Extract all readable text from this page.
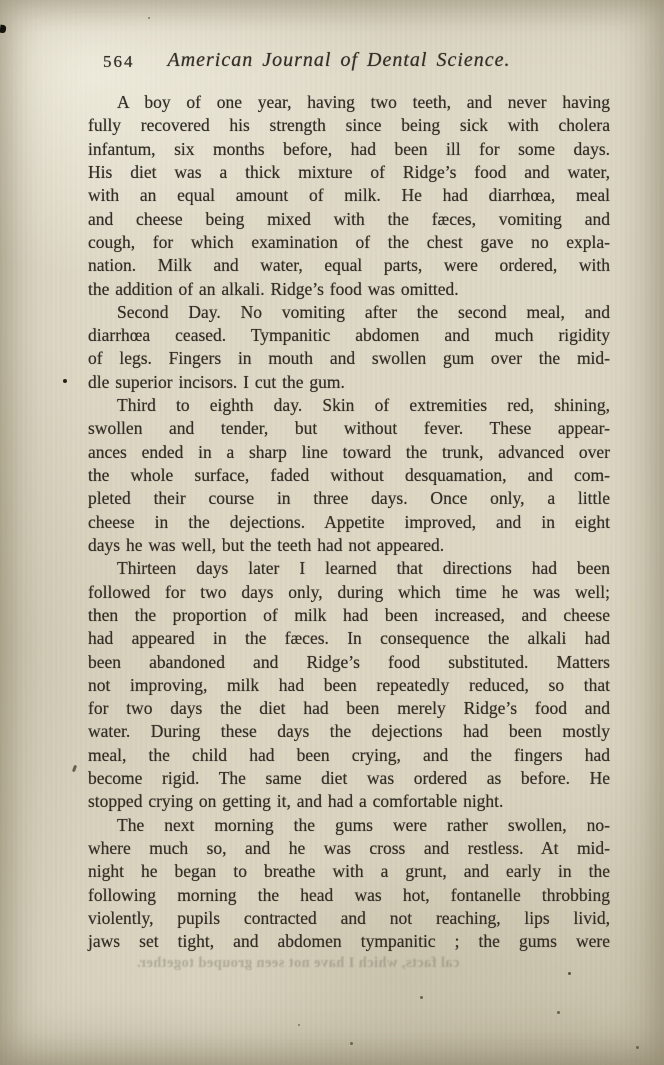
564	American Journal of Dental Science.
A boy of one year, having two teeth, and never having
fully recovered his strength since being sick with cholera
infantum, six months before, had been ill for some days.
His diet was a thick mixture of Ridge’s food and water,
with an equal amount of milk. He had diarrhœa, meal
and cheese being mixed with the fæces, vomiting and
cough, for which examination of the chest gave no expla-
nation. Milk and water, equal parts, were ordered, with
the addition of an alkali. Ridge’s food was omitted.
Second Day. No vomiting after the second meal, and
diarrhœa ceased. Tympanitic abdomen and much rigidity
of legs. Fingers in mouth and swollen gum over the mid-
dle superior incisors. I cut the gum.
Third to eighth day. Skin of extremities red, shining,
swollen and tender, but without fever. These appear-
ances ended in a sharp line toward the trunk, advanced over
the whole surface, faded without desquamation, and com-
pleted their course in three days. Once only, a little
cheese in the dejections. Appetite improved, and in eight
days he was well, but the teeth had not appeared.
Thirteen days later I learned that directions had been
followed for two days only, during which time he was well;
then the proportion of milk had been increased, and cheese
had appeared in the fæces. In consequence the alkali had
been abandoned and Ridge’s food substituted. Matters
not improving, milk had been repeatedly reduced, so that
for two days the diet had been merely Ridge’s food and
water. During these days the dejections had been mostly
meal, the child had been crying, and the fingers had
become rigid. The same diet was ordered as before. He
stopped crying on getting it, and had a comfortable night.
The next morning the gums were rather swollen, no-
where much so, and he was cross and restless. At mid-
night he began to breathe with a grunt, and early in the
following morning the head was hot, fontanelle throbbing
violently, pupils contracted and not reaching, lips livid,
jaws set tight, and abdomen tympanitic ; the gums were
cal facts, which I have not seen grouped together.
